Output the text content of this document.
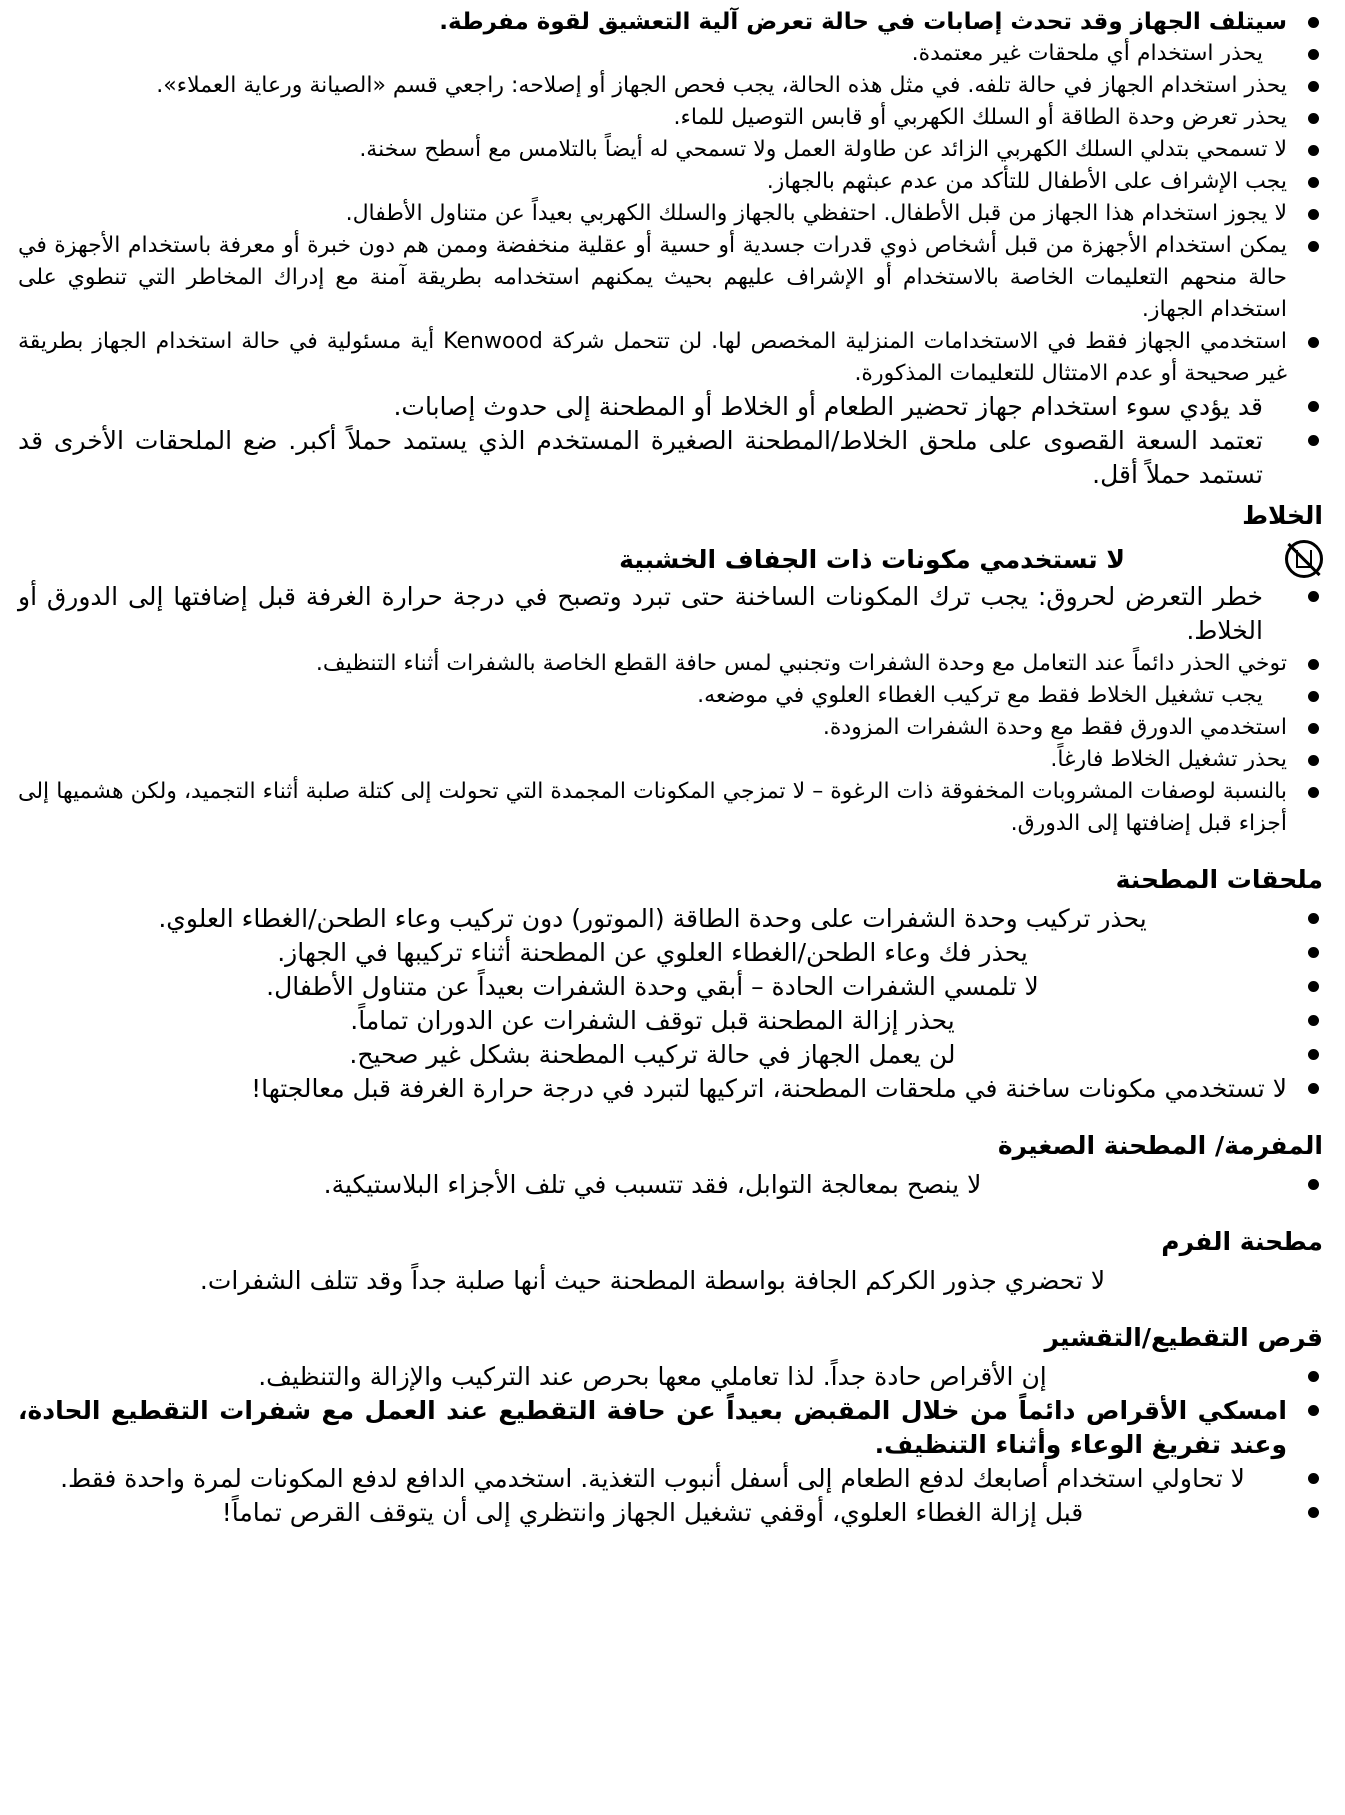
سيتلف الجهاز وقد تحدث إصابات في حالة تعرض آلية التعشيق لقوة مفرطة.
يحذر استخدام أي ملحقات غير معتمدة.
يحذر استخدام الجهاز في حالة تلفه. في مثل هذه الحالة، يجب فحص الجهاز أو إصلاحه: راجعي قسم «الصيانة ورعاية العملاء».
يحذر تعرض وحدة الطاقة أو السلك الكهربي أو قابس التوصيل للماء.
لا تسمحي بتدلي السلك الكهربي الزائد عن طاولة العمل ولا تسمحي له أيضاً بالتلامس مع أسطح سخنة.
يجب الإشراف على الأطفال للتأكد من عدم عبثهم بالجهاز.
لا يجوز استخدام هذا الجهاز من قبل الأطفال. احتفظي بالجهاز والسلك الكهربي بعيداً عن متناول الأطفال.
يمكن استخدام الأجهزة من قبل أشخاص ذوي قدرات جسدية أو حسية أو عقلية منخفضة وممن هم دون خبرة أو معرفة باستخدام الأجهزة في حالة منحهم التعليمات الخاصة بالاستخدام أو الإشراف عليهم بحيث يمكنهم استخدامه بطريقة آمنة مع إدراك المخاطر التي تنطوي على استخدام الجهاز.
استخدمي الجهاز فقط في الاستخدامات المنزلية المخصص لها. لن تتحمل شركة Kenwood أية مسئولية في حالة استخدام الجهاز بطريقة غير صحيحة أو عدم الامتثال للتعليمات المذكورة.
قد يؤدي سوء استخدام جهاز تحضير الطعام أو الخلاط أو المطحنة إلى حدوث إصابات.
تعتمد السعة القصوى على ملحق الخلاط/المطحنة الصغيرة المستخدم الذي يستمد حملاً أكبر. ضع الملحقات الأخرى قد تستمد حملاً أقل.
الخلاط
لا تستخدمي مكونات ذات الجفاف الخشبية
خطر التعرض لحروق: يجب ترك المكونات الساخنة حتى تبرد وتصبح في درجة حرارة الغرفة قبل إضافتها إلى الدورق أو الخلاط.
توخي الحذر دائماً عند التعامل مع وحدة الشفرات وتجنبي لمس حافة القطع الخاصة بالشفرات أثناء التنظيف.
يجب تشغيل الخلاط فقط مع تركيب الغطاء العلوي في موضعه.
استخدمي الدورق فقط مع وحدة الشفرات المزودة.
يحذر تشغيل الخلاط فارغاً.
بالنسبة لوصفات المشروبات المخفوقة ذات الرغوة – لا تمزجي المكونات المجمدة التي تحولت إلى كتلة صلبة أثناء التجميد، ولكن هشميها إلى أجزاء قبل إضافتها إلى الدورق.
ملحقات المطحنة
يحذر تركيب وحدة الشفرات على وحدة الطاقة (الموتور) دون تركيب وعاء الطحن/الغطاء العلوي.
يحذر فك وعاء الطحن/الغطاء العلوي عن المطحنة أثناء تركيبها في الجهاز.
لا تلمسي الشفرات الحادة – أبقي وحدة الشفرات بعيداً عن متناول الأطفال.
يحذر إزالة المطحنة قبل توقف الشفرات عن الدوران تماماً.
لن يعمل الجهاز في حالة تركيب المطحنة بشكل غير صحيح.
لا تستخدمي مكونات ساخنة في ملحقات المطحنة، اتركيها لتبرد في درجة حرارة الغرفة قبل معالجتها!
المفرمة/ المطحنة الصغيرة
لا ينصح بمعالجة التوابل، فقد تتسبب في تلف الأجزاء البلاستيكية.
مطحنة الفرم
لا تحضري جذور الكركم الجافة بواسطة المطحنة حيث أنها صلبة جداً وقد تتلف الشفرات.
قرص التقطيع/التقشير
إن الأقراص حادة جداً. لذا تعاملي معها بحرص عند التركيب والإزالة والتنظيف.
امسكي الأقراص دائماً من خلال المقبض بعيداً عن حافة التقطيع عند العمل مع شفرات التقطيع الحادة، وعند تفريغ الوعاء وأثناء التنظيف.
لا تحاولي استخدام أصابعك لدفع الطعام إلى أسفل أنبوب التغذية. استخدمي الدافع لدفع المكونات لمرة واحدة فقط.
قبل إزالة الغطاء العلوي، أوقفي تشغيل الجهاز وانتظري إلى أن يتوقف القرص تماماً!
